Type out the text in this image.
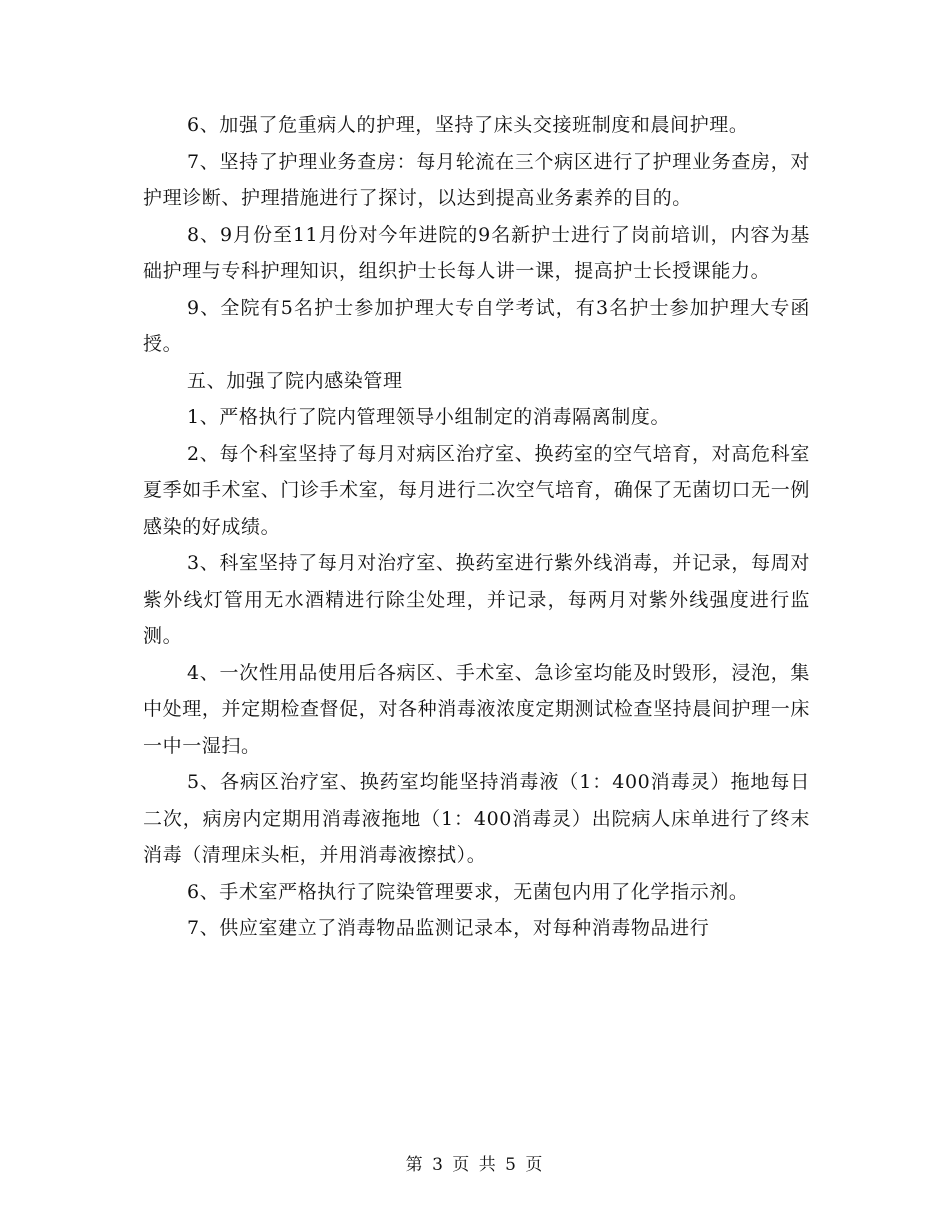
6、加强了危重病人的护理，坚持了床头交接班制度和晨间护理。

7、坚持了护理业务查房：每月轮流在三个病区进行了护理业务查房，对护理诊断、护理措施进行了探讨，以达到提高业务素养的目的。

8、9月份至11月份对今年进院的9名新护士进行了岗前培训，内容为基础护理与专科护理知识，组织护士长每人讲一课，提高护士长授课能力。

9、全院有5名护士参加护理大专自学考试，有3名护士参加护理大专函授。

五、加强了院内感染管理

1、严格执行了院内管理领导小组制定的消毒隔离制度。

2、每个科室坚持了每月对病区治疗室、换药室的空气培育，对高危科室夏季如手术室、门诊手术室，每月进行二次空气培育，确保了无菌切口无一例感染的好成绩。

3、科室坚持了每月对治疗室、换药室进行紫外线消毒，并记录，每周对紫外线灯管用无水酒精进行除尘处理，并记录，每两月对紫外线强度进行监测。

4、一次性用品使用后各病区、手术室、急诊室均能及时毁形，浸泡，集中处理，并定期检查督促，对各种消毒液浓度定期测试检查坚持晨间护理一床一中一湿扫。

5、各病区治疗室、换药室均能坚持消毒液（1：400消毒灵）拖地每日二次，病房内定期用消毒液拖地（1：400消毒灵）出院病人床单进行了终末消毒（清理床头柜，并用消毒液擦拭）。

6、手术室严格执行了院染管理要求，无菌包内用了化学指示剂。

7、供应室建立了消毒物品监测记录本，对每种消毒物品进行

第 3 页 共 5 页
